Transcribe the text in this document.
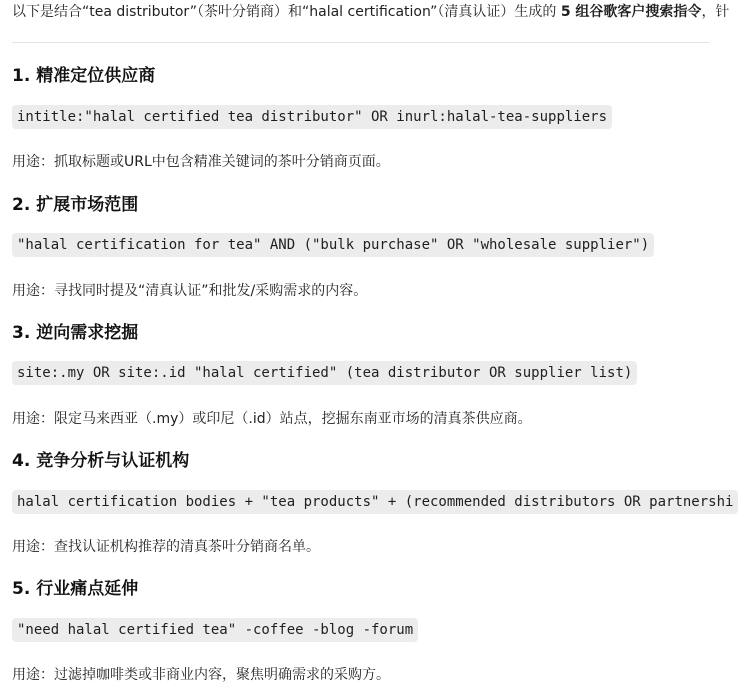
以下是结合“tea distributor”（茶叶分销商）和“halal certification”（清真认证）生成的 5 组谷歌客户搜索指令，针
1. 精准定位供应商
intitle:"halal certified tea distributor" OR inurl:halal-tea-suppliers
用途：抓取标题或URL中包含精准关键词的茶叶分销商页面。
2. 扩展市场范围
"halal certification for tea" AND ("bulk purchase" OR "wholesale supplier")
用途：寻找同时提及“清真认证”和批发/采购需求的内容。
3. 逆向需求挖掘
site:.my OR site:.id "halal certified" (tea distributor OR supplier list)
用途：限定马来西亚（.my）或印尼（.id）站点，挖掘东南亚市场的清真茶供应商。
4. 竞争分析与认证机构
halal certification bodies + "tea products" + (recommended distributors OR partnershi
用途：查找认证机构推荐的清真茶叶分销商名单。
5. 行业痛点延伸
"need halal certified tea" -coffee -blog -forum
用途：过滤掉咖啡类或非商业内容，聚焦明确需求的采购方。
